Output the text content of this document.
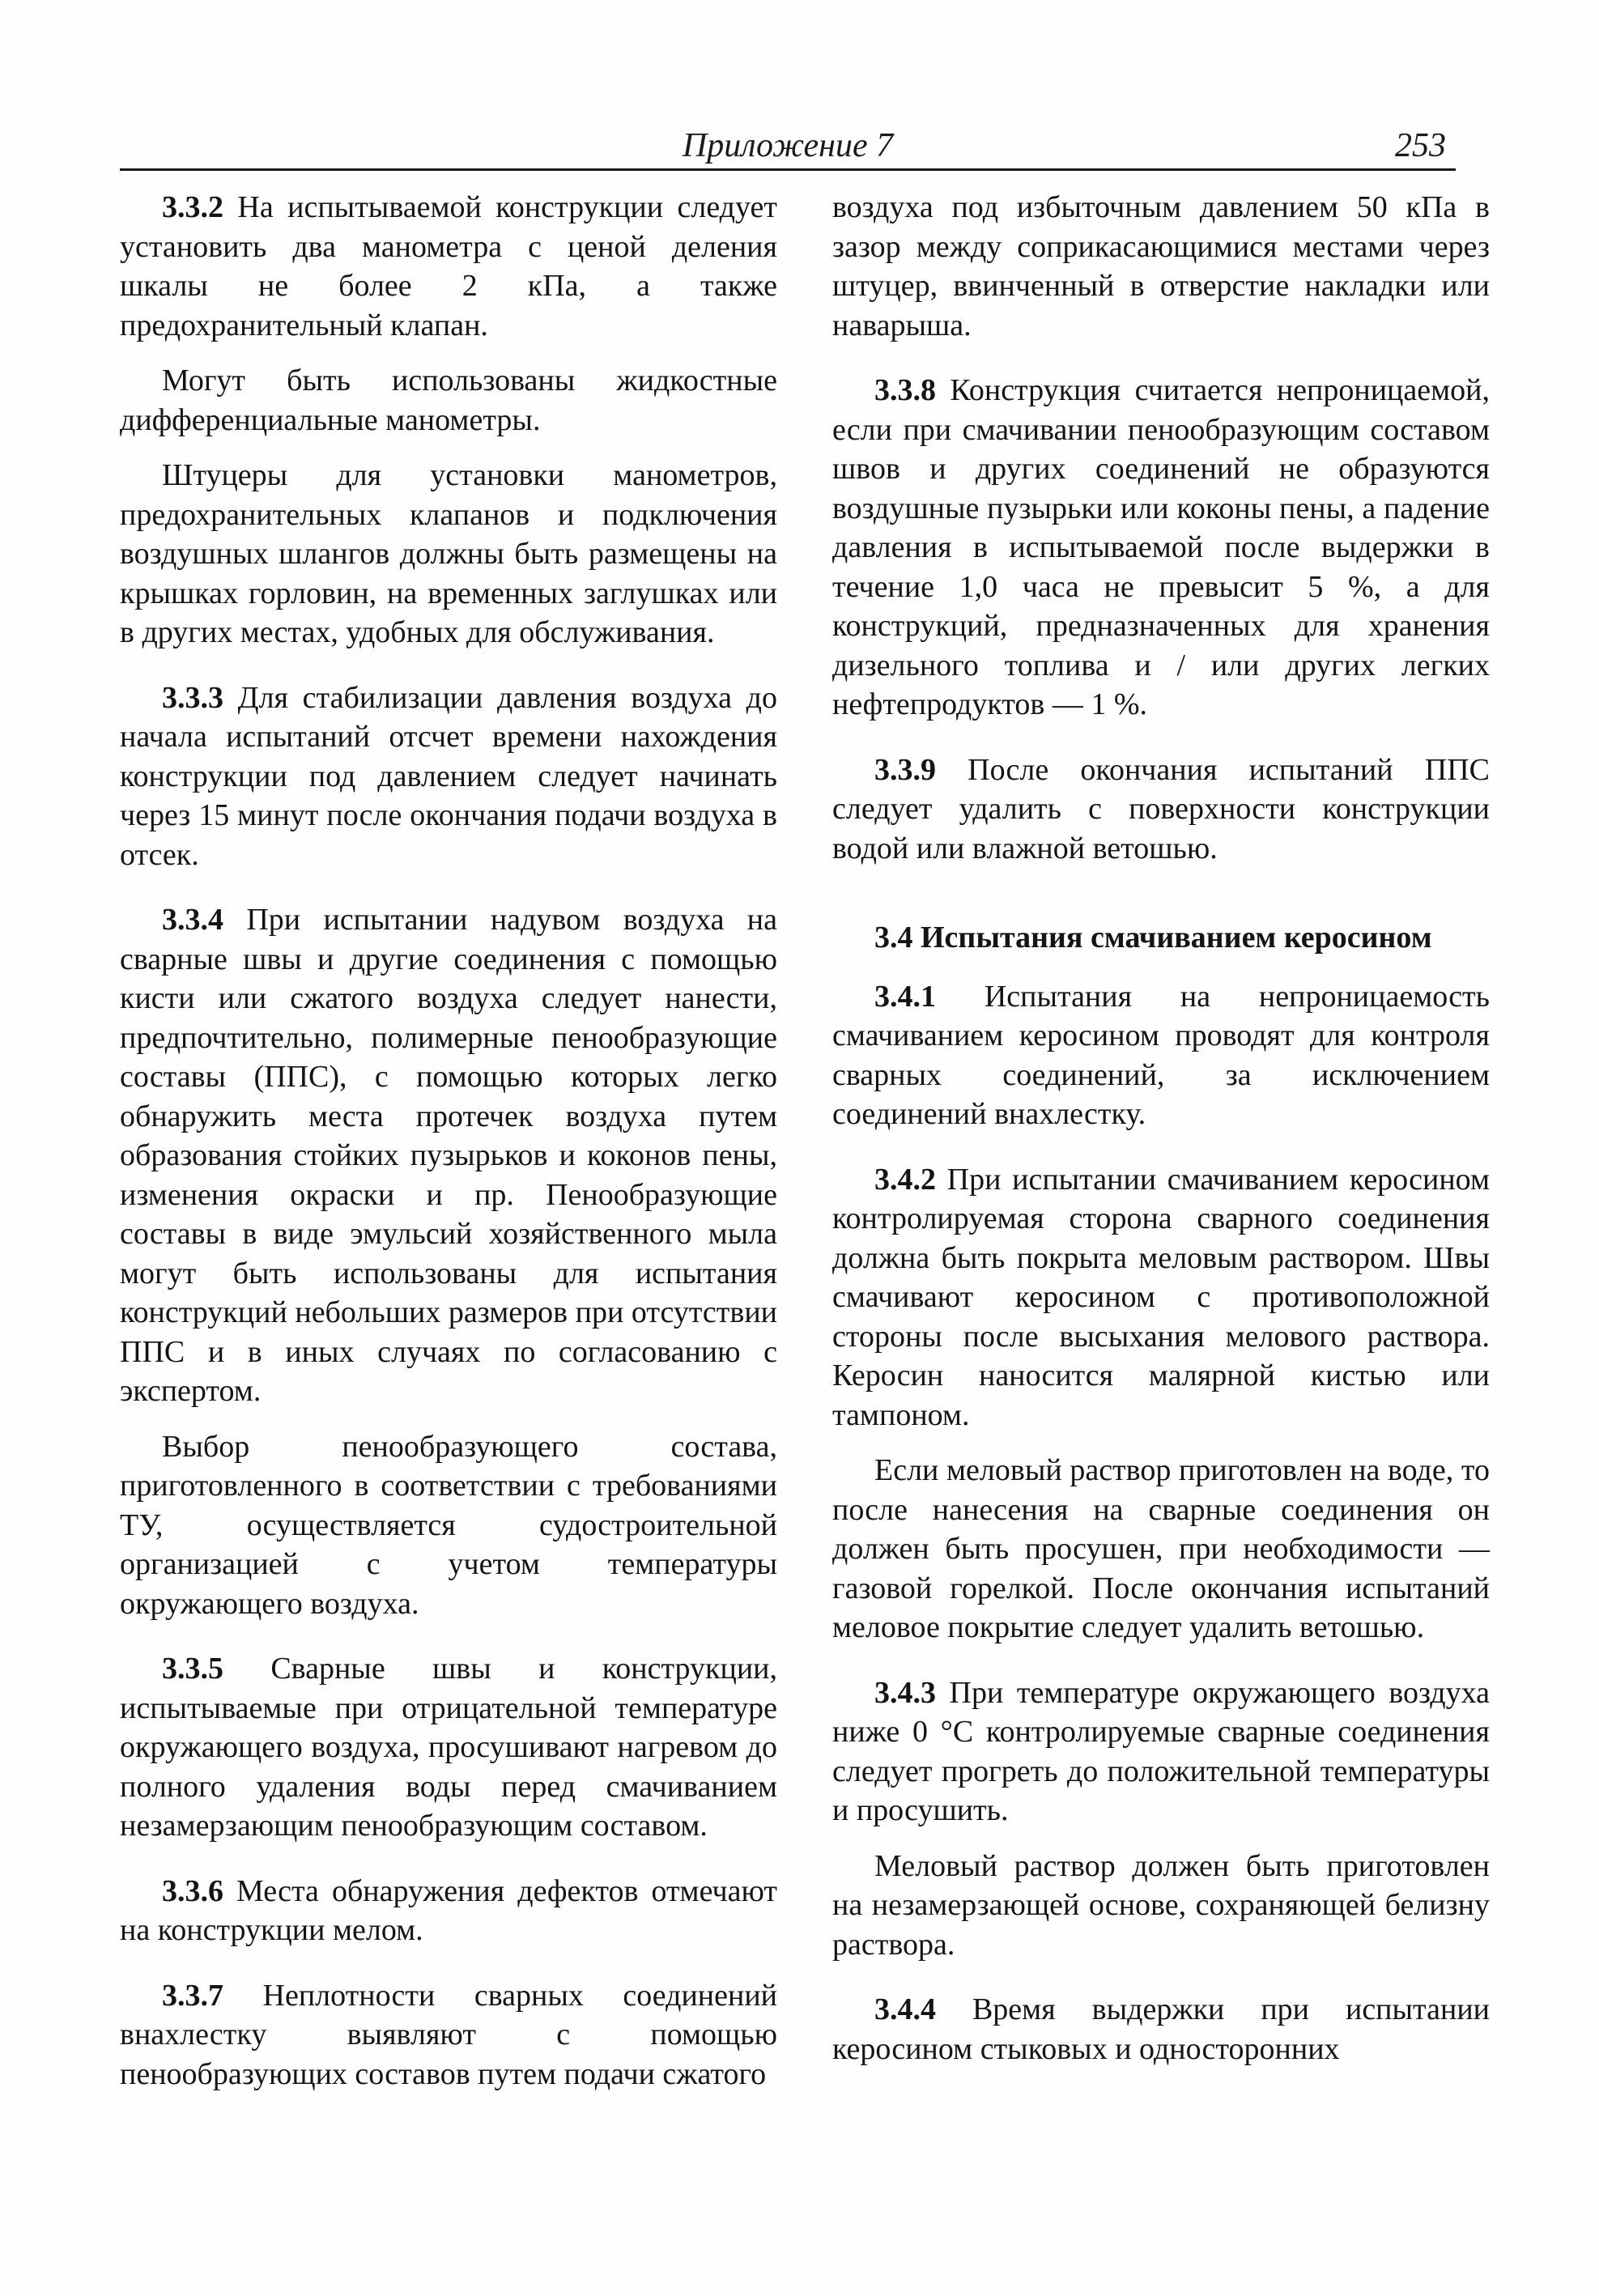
Приложение 7	253

3.3.2 На испытываемой конструкции следует установить два манометра с ценой деления шкалы не более 2 кПа, а также предохранительный клапан.

Могут быть использованы жидкостные дифференциальные манометры.

Штуцеры для установки манометров, предохранительных клапанов и подключения воздушных шлангов должны быть размещены на крышках горловин, на временных заглушках или в других местах, удобных для обслуживания.

3.3.3 Для стабилизации давления воздуха до начала испытаний отсчет времени нахождения конструкции под давлением следует начинать через 15 минут после окончания подачи воздуха в отсек.

3.3.4 При испытании надувом воздуха на сварные швы и другие соединения с помощью кисти или сжатого воздуха следует нанести, предпочтительно, полимерные пенообразующие составы (ППС), с помощью которых легко обнаружить места протечек воздуха путем образования стойких пузырьков и коконов пены, изменения окраски и пр. Пенообразующие составы в виде эмульсий хозяйственного мыла могут быть использованы для испытания конструкций небольших размеров при отсутствии ППС и в иных случаях по согласованию с экспертом.

Выбор пенообразующего состава, приготовленного в соответствии с требованиями ТУ, осуществляется судостроительной организацией с учетом температуры окружающего воздуха.

3.3.5 Сварные швы и конструкции, испытываемые при отрицательной температуре окружающего воздуха, просушивают нагревом до полного удаления воды перед смачиванием незамерзающим пенообразующим составом.

3.3.6 Места обнаружения дефектов отмечают на конструкции мелом.

3.3.7 Неплотности сварных соединений внахлестку выявляют с помощью пенообразующих составов путем подачи сжатого

воздуха под избыточным давлением 50 кПа в зазор между соприкасающимися местами через штуцер, ввинченный в отверстие накладки или наварыша.

3.3.8 Конструкция считается непроницаемой, если при смачивании пенообразующим составом швов и других соединений не образуются воздушные пузырьки или коконы пены, а падение давления в испытываемой после выдержки в течение 1,0 часа не превысит 5 %, а для конструкций, предназначенных для хранения дизельного топлива и / или других легких нефтепродуктов — 1 %.

3.3.9 После окончания испытаний ППС следует удалить с поверхности конструкции водой или влажной ветошью.

3.4 Испытания смачиванием керосином

3.4.1 Испытания на непроницаемость смачиванием керосином проводят для контроля сварных соединений, за исключением соединений внахлестку.

3.4.2 При испытании смачиванием керосином контролируемая сторона сварного соединения должна быть покрыта меловым раствором. Швы смачивают керосином с противоположной стороны после высыхания мелового раствора. Керосин наносится малярной кистью или тампоном.

Если меловый раствор приготовлен на воде, то после нанесения на сварные соединения он должен быть просушен, при необходимости — газовой горелкой. После окончания испытаний меловое покрытие следует удалить ветошью.

3.4.3 При температуре окружающего воздуха ниже 0 °С контролируемые сварные соединения следует прогреть до положительной температуры и просушить.

Меловый раствор должен быть приготовлен на незамерзающей основе, сохраняющей белизну раствора.

3.4.4 Время выдержки при испытании керосином стыковых и односторонних
